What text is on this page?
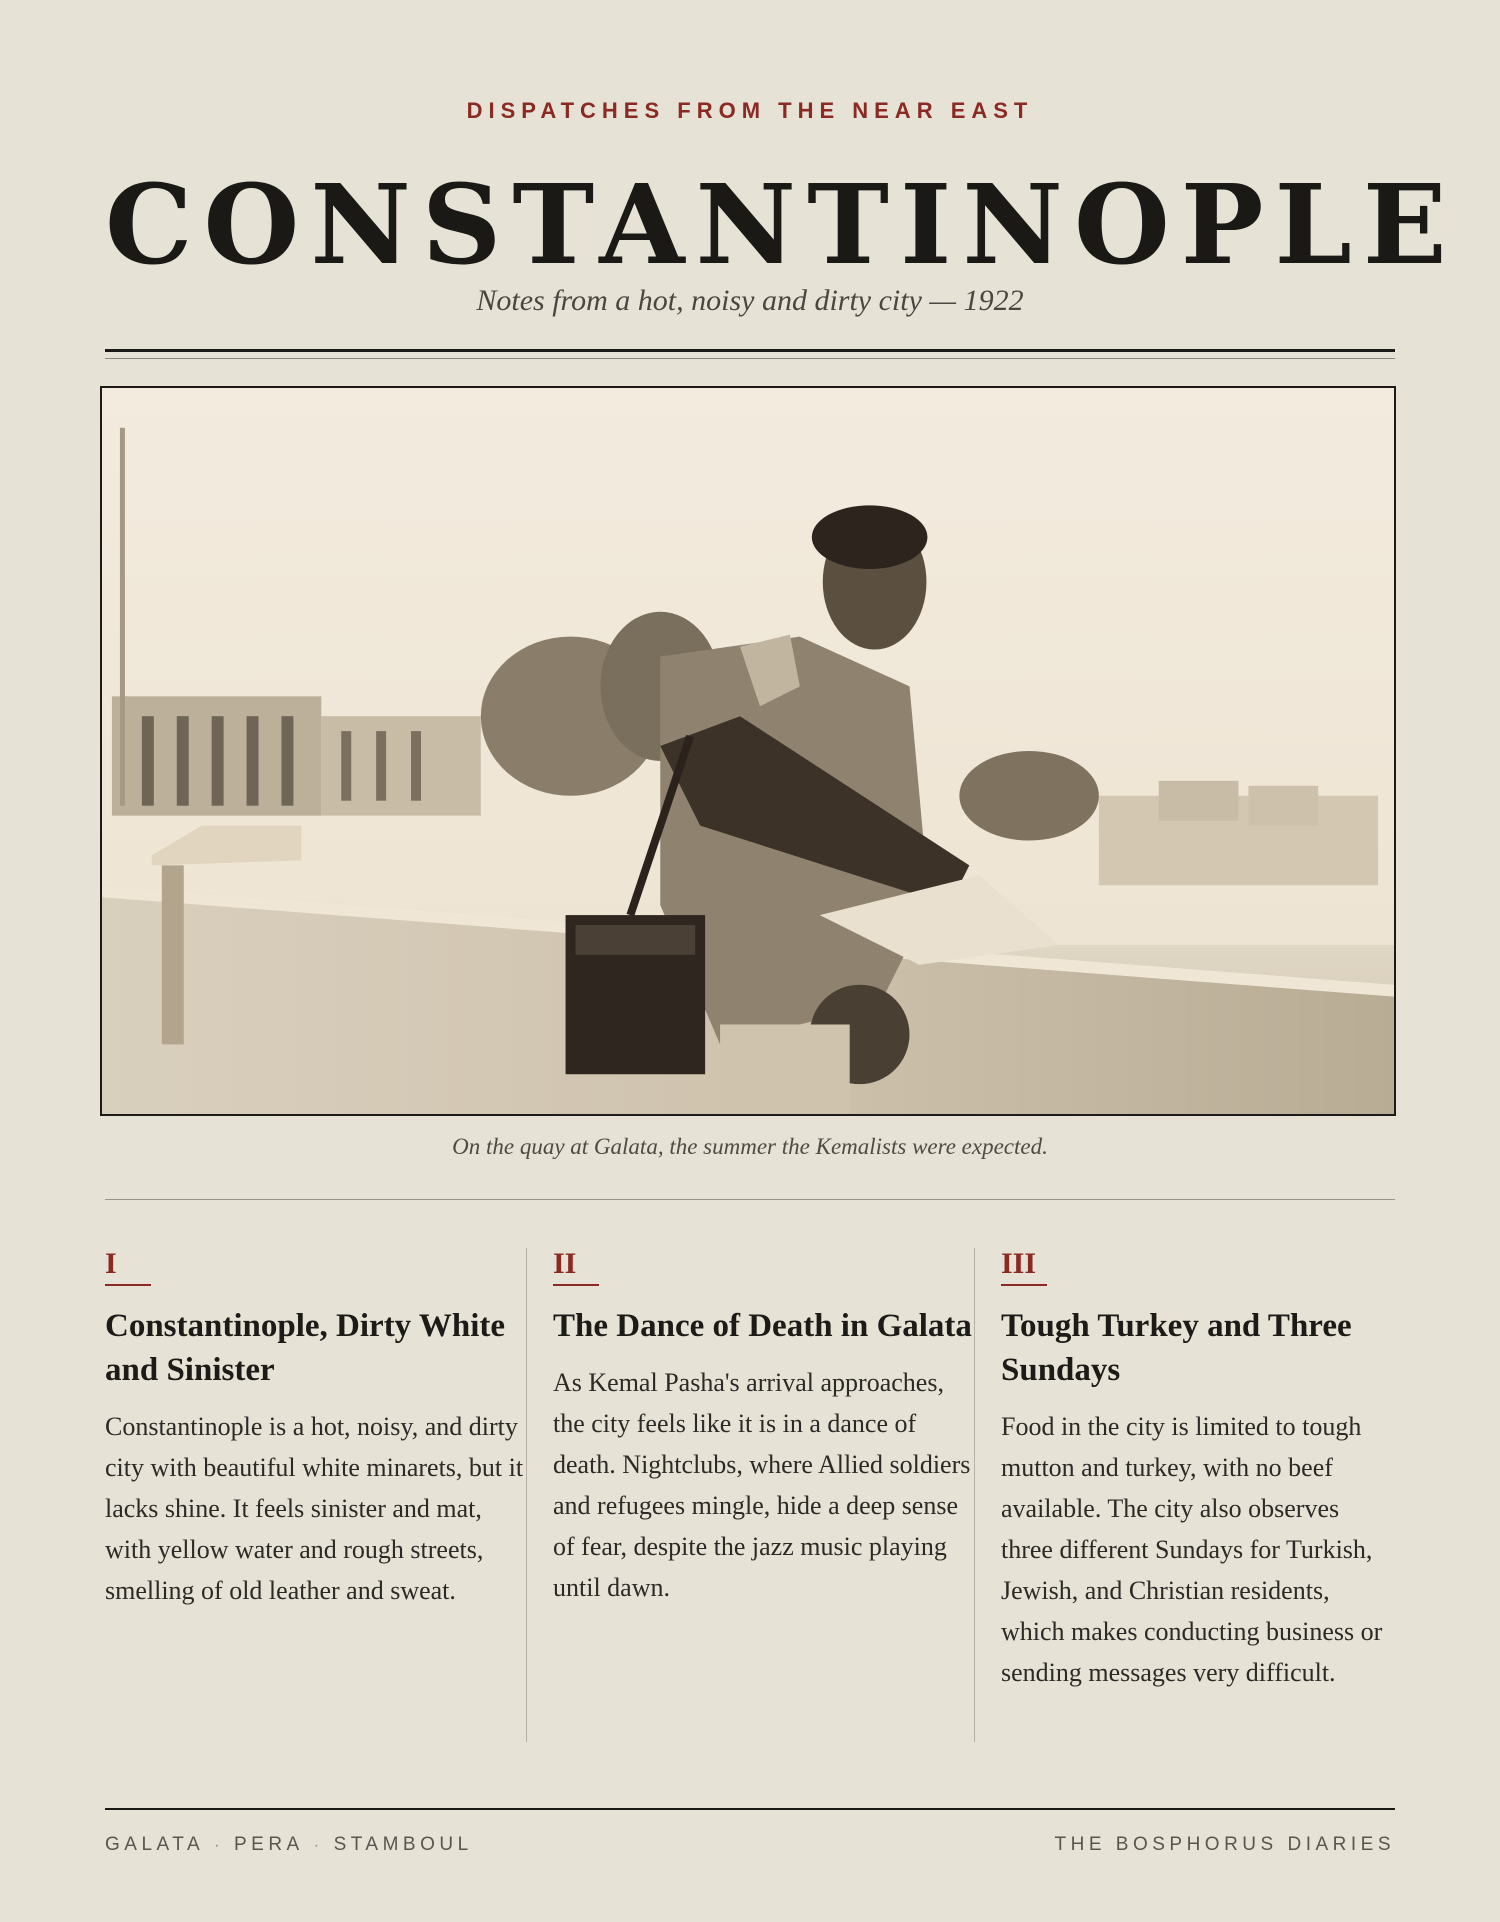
DISPATCHES FROM THE NEAR EAST

CONSTANTINOPLE

Notes from a hot, noisy and dirty city — 1922

On the quay at Galata, the summer the Kemalists were expected.

I
Constantinople, Dirty White and Sinister

Constantinople is a hot, noisy, and dirty city with beautiful white minarets, but it lacks shine. It feels sinister and mat, with yellow water and rough streets, smelling of old leather and sweat.

II
The Dance of Death in Galata

As Kemal Pasha's arrival approaches, the city feels like it is in a dance of death. Nightclubs, where Allied soldiers and refugees mingle, hide a deep sense of fear, despite the jazz music playing until dawn.

III
Tough Turkey and Three Sundays

Food in the city is limited to tough mutton and turkey, with no beef available. The city also observes three different Sundays for Turkish, Jewish, and Christian residents, which makes conducting business or sending messages very difficult.

GALATA · PERA · STAMBOUL	THE BOSPHORUS DIARIES
